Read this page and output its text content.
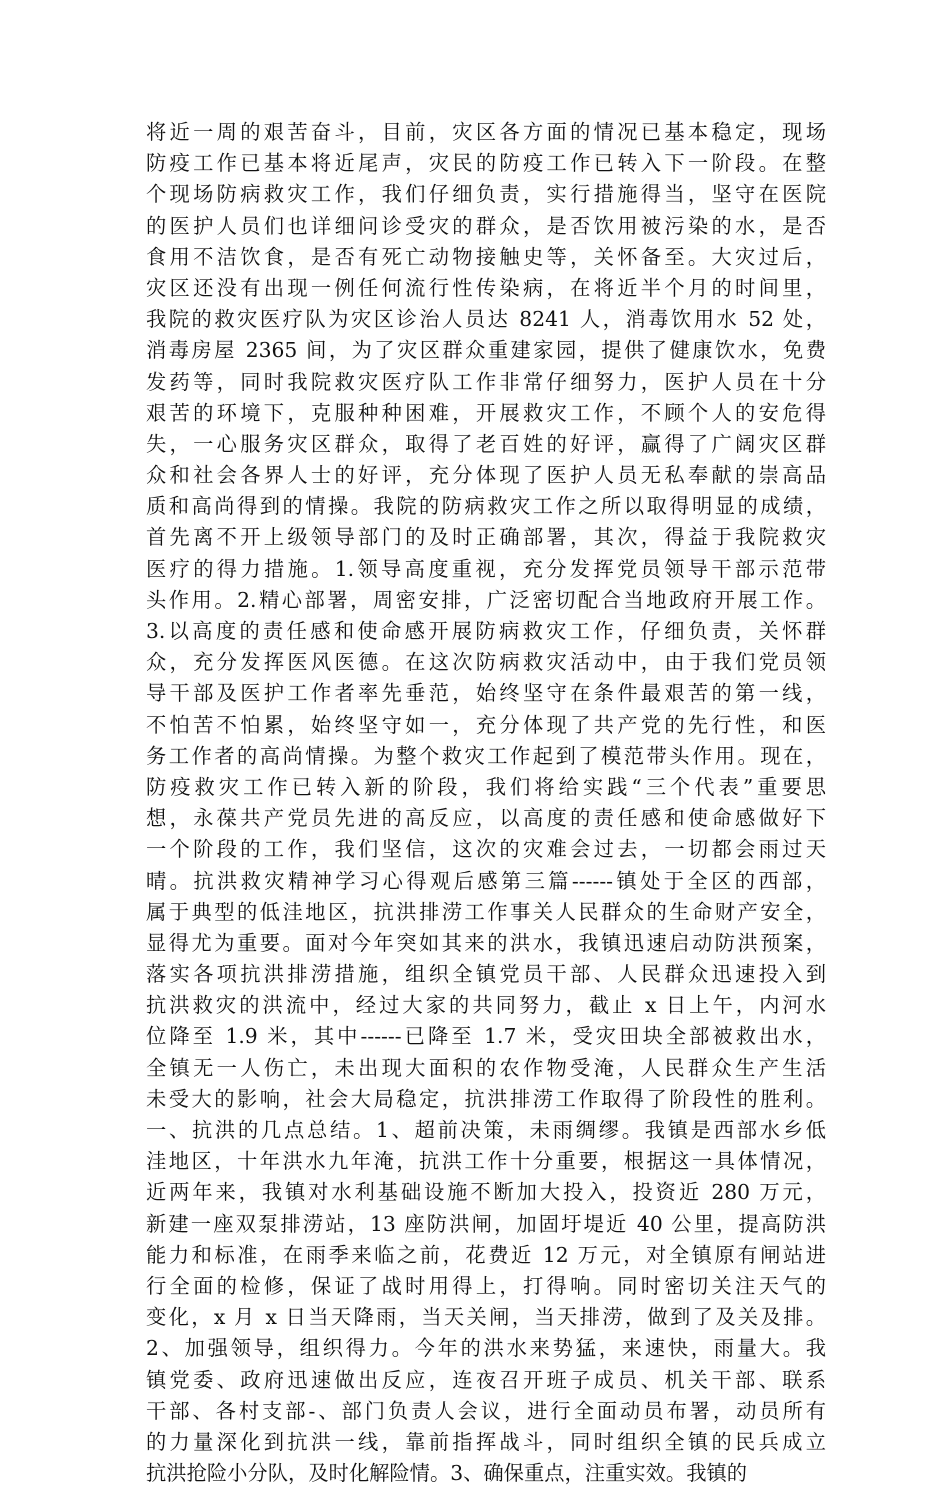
将近一周的艰苦奋斗，目前，灾区各方面的情况已基本稳定，现场
防疫工作已基本将近尾声，灾民的防疫工作已转入下一阶段。在整
个现场防病救灾工作，我们仔细负责，实行措施得当，坚守在医院
的医护人员们也详细问诊受灾的群众，是否饮用被污染的水，是否
食用不洁饮食，是否有死亡动物接触史等，关怀备至。大灾过后，
灾区还没有出现一例任何流行性传染病，在将近半个月的时间里，
我院的救灾医疗队为灾区诊治人员达 8241 人，消毒饮用水 52 处，
消毒房屋 2365 间，为了灾区群众重建家园，提供了健康饮水，免费
发药等，同时我院救灾医疗队工作非常仔细努力，医护人员在十分
艰苦的环境下，克服种种困难，开展救灾工作，不顾个人的安危得
失，一心服务灾区群众，取得了老百姓的好评，赢得了广阔灾区群
众和社会各界人士的好评，充分体现了医护人员无私奉献的崇高品
质和高尚得到的情操。我院的防病救灾工作之所以取得明显的成绩，
首先离不开上级领导部门的及时正确部署，其次，得益于我院救灾
医疗的得力措施。1.领导高度重视，充分发挥党员领导干部示范带
头作用。2.精心部署，周密安排，广泛密切配合当地政府开展工作。
3.以高度的责任感和使命感开展防病救灾工作，仔细负责，关怀群
众，充分发挥医风医德。在这次防病救灾活动中，由于我们党员领
导干部及医护工作者率先垂范，始终坚守在条件最艰苦的第一线，
不怕苦不怕累，始终坚守如一，充分体现了共产党的先行性，和医
务工作者的高尚情操。为整个救灾工作起到了模范带头作用。现在，
防疫救灾工作已转入新的阶段，我们将给实践“三个代表”重要思
想，永葆共产党员先进的高反应，以高度的责任感和使命感做好下
一个阶段的工作，我们坚信，这次的灾难会过去，一切都会雨过天
晴。抗洪救灾精神学习心得观后感第三篇------镇处于全区的西部，
属于典型的低洼地区，抗洪排涝工作事关人民群众的生命财产安全，
显得尤为重要。面对今年突如其来的洪水，我镇迅速启动防洪预案，
落实各项抗洪排涝措施，组织全镇党员干部、人民群众迅速投入到
抗洪救灾的洪流中，经过大家的共同努力，截止 x 日上午，内河水
位降至 1.9 米，其中------已降至 1.7 米，受灾田块全部被救出水，
全镇无一人伤亡，未出现大面积的农作物受淹，人民群众生产生活
未受大的影响，社会大局稳定，抗洪排涝工作取得了阶段性的胜利。
一、抗洪的几点总结。1、超前决策，未雨绸缪。我镇是西部水乡低
洼地区，十年洪水九年淹，抗洪工作十分重要，根据这一具体情况，
近两年来，我镇对水利基础设施不断加大投入，投资近 280 万元，
新建一座双泵排涝站，13 座防洪闸，加固圩堤近 40 公里，提高防洪
能力和标准，在雨季来临之前，花费近 12 万元，对全镇原有闸站进
行全面的检修，保证了战时用得上，打得响。同时密切关注天气的
变化，x 月 x 日当天降雨，当天关闸，当天排涝，做到了及关及排。
2、加强领导，组织得力。今年的洪水来势猛，来速快，雨量大。我
镇党委、政府迅速做出反应，连夜召开班子成员、机关干部、联系
干部、各村支部-、部门负责人会议，进行全面动员布署，动员所有
的力量深化到抗洪一线，靠前指挥战斗，同时组织全镇的民兵成立
抗洪抢险小分队，及时化解险情。3、确保重点，注重实效。我镇的
